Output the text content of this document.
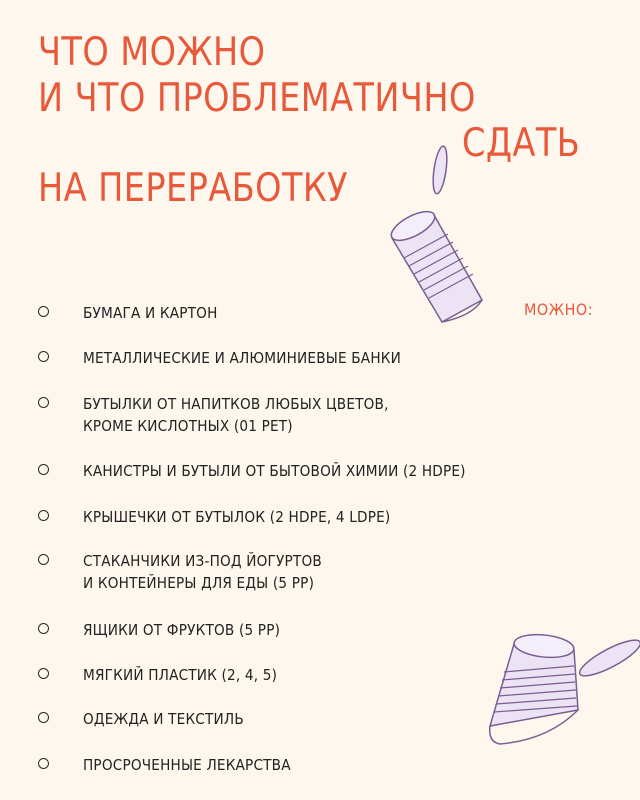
ЧТО МОЖНО
И ЧТО ПРОБЛЕМАТИЧНО
СДАТЬ
НА ПЕРЕРАБОТКУ
МОЖНО:
БУМАГА И КАРТОН
МЕТАЛЛИЧЕСКИЕ И АЛЮМИНИЕВЫЕ БАНКИ
БУТЫЛКИ ОТ НАПИТКОВ ЛЮБЫХ ЦВЕТОВ,
КРОМЕ КИСЛОТНЫХ (01 PET)
КАНИСТРЫ И БУТЫЛИ ОТ БЫТОВОЙ ХИМИИ (2 HDPE)
КРЫШЕЧКИ ОТ БУТЫЛОК (2 HDPE, 4 LDPE)
СТАКАНЧИКИ ИЗ-ПОД ЙОГУРТОВ
И КОНТЕЙНЕРЫ ДЛЯ ЕДЫ (5 PP)
ЯЩИКИ ОТ ФРУКТОВ (5 PP)
МЯГКИЙ ПЛАСТИК (2, 4, 5)
ОДЕЖДА И ТЕКСТИЛЬ
ПРОСРОЧЕННЫЕ ЛЕКАРСТВА
